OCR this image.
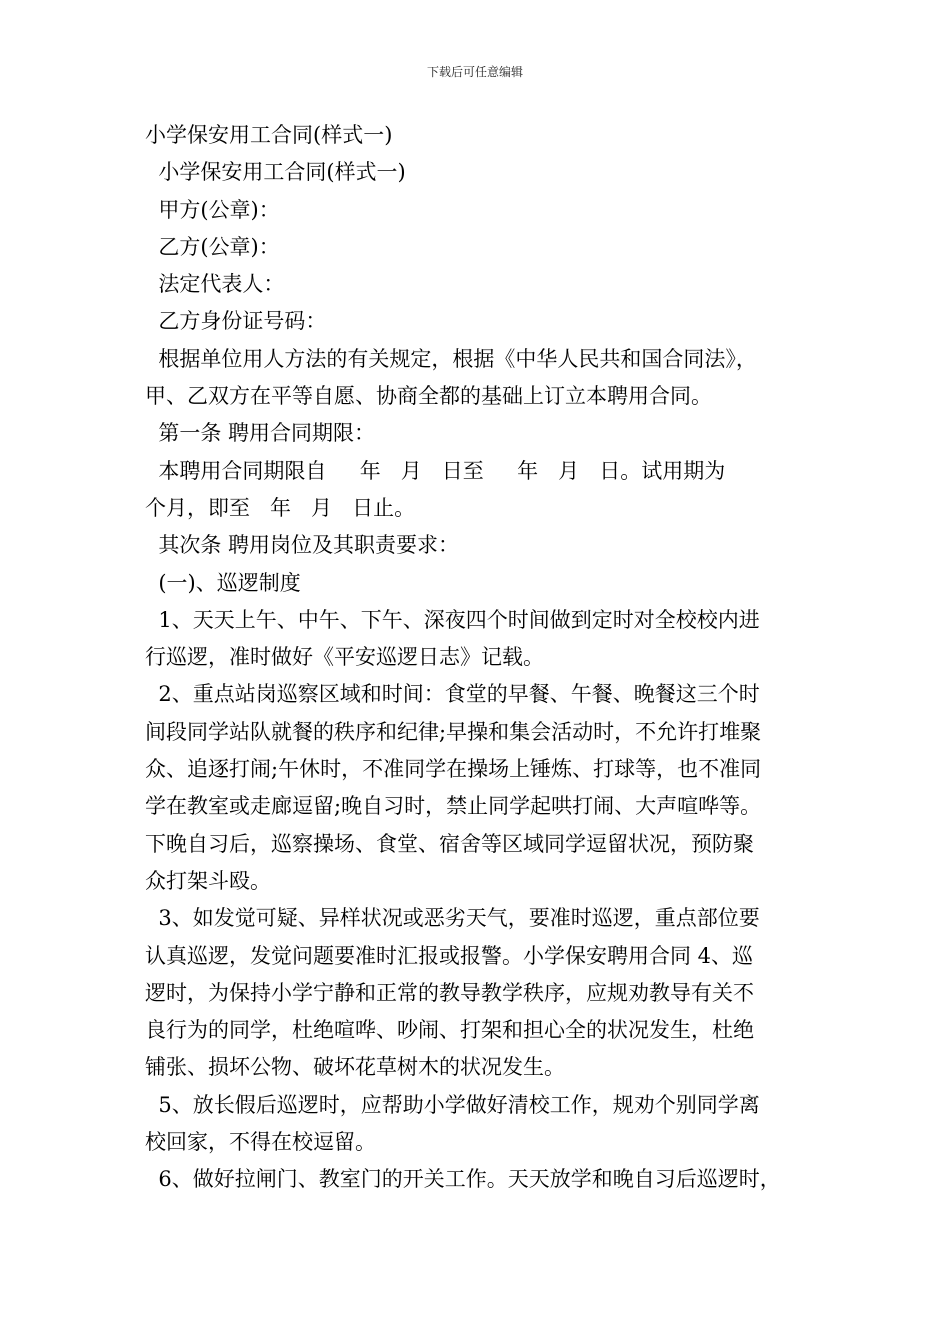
下载后可任意编辑

小学保安用工合同(样式一)

小学保安用工合同(样式一)

甲方(公章)：

乙方(公章)：

法定代表人：

乙方身份证号码：

根据单位用人方法的有关规定，根据《中华人民共和国合同法》，

甲、乙双方在平等自愿、协商全都的基础上订立本聘用合同。

第一条 聘用合同期限：

本聘用合同期限自     年   月   日至     年   月   日。试用期为

个月，即至   年   月   日止。

其次条 聘用岗位及其职责要求：

(一)、巡逻制度

1、天天上午、中午、下午、深夜四个时间做到定时对全校校内进

行巡逻，准时做好《平安巡逻日志》记载。

2、重点站岗巡察区域和时间：食堂的早餐、午餐、晚餐这三个时

间段同学站队就餐的秩序和纪律;早操和集会活动时，不允许打堆聚

众、追逐打闹;午休时，不准同学在操场上锤炼、打球等，也不准同

学在教室或走廊逗留;晚自习时，禁止同学起哄打闹、大声喧哗等。

下晚自习后，巡察操场、食堂、宿舍等区域同学逗留状况，预防聚

众打架斗殴。

3、如发觉可疑、异样状况或恶劣天气，要准时巡逻，重点部位要

认真巡逻，发觉问题要准时汇报或报警。小学保安聘用合同 4、巡

逻时，为保持小学宁静和正常的教导教学秩序，应规劝教导有关不

良行为的同学，杜绝喧哗、吵闹、打架和担心全的状况发生，杜绝

铺张、损坏公物、破坏花草树木的状况发生。

5、放长假后巡逻时，应帮助小学做好清校工作，规劝个别同学离

校回家，不得在校逗留。

6、做好拉闸门、教室门的开关工作。天天放学和晚自习后巡逻时，
